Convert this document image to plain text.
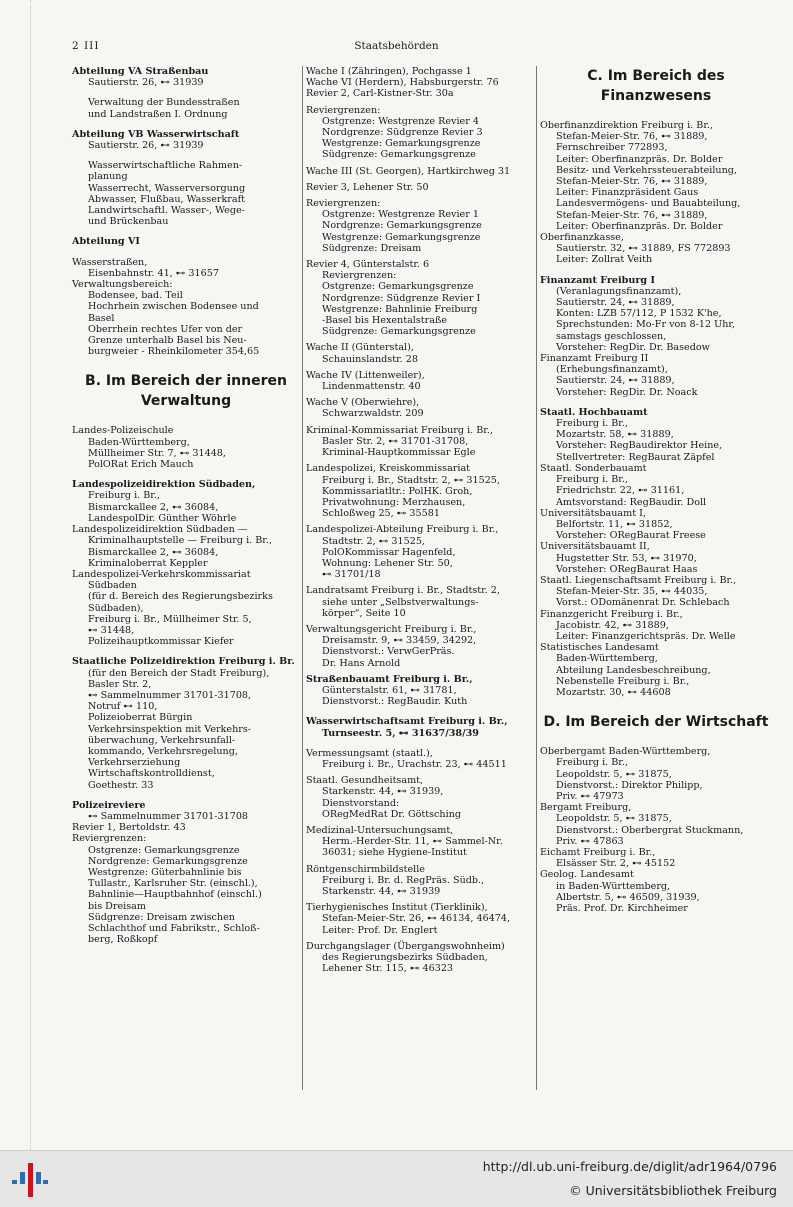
2 III	Staatsbehörden
Abteilung VA Straßenbau
Sautierstr. 26, ⊷ 31939
Verwaltung der Bundesstraßen
und Landstraßen I. Ordnung
Abteilung VB Wasserwirtschaft
Sautierstr. 26, ⊷ 31939
Wasserwirtschaftliche Rahmen-
planung
Wasserrecht, Wasserversorgung
Abwasser, Flußbau, Wasserkraft
Landwirtschaftl. Wasser-, Wege-
und Brückenbau
Abteilung VI
Wasserstraßen,
Eisenbahnstr. 41, ⊷ 31657
Verwaltungsbereich:
Bodensee, bad. Teil
Hochrhein zwischen Bodensee und
Basel
Oberrhein rechtes Ufer von der
Grenze unterhalb Basel bis Neu-
burgweier - Rheinkilometer 354,65
B. Im Bereich der inneren
Verwaltung
Landes-Polizeischule
Baden-Württemberg,
Müllheimer Str. 7, ⊷ 31448,
PolORat Erich Mauch
Landespolizeidirektion Südbaden,
Freiburg i. Br.,
Bismarckallee 2, ⊷ 36084,
LandespolDir. Günther Wöhrle
Landespolizeidirektion Südbaden —
Kriminalhauptstelle — Freiburg i. Br.,
Bismarckallee 2, ⊷ 36084,
Kriminaloberrat Keppler
Landespolizei-Verkehrskommissariat
Südbaden
(für d. Bereich des Regierungsbezirks
Südbaden),
Freiburg i. Br., Müllheimer Str. 5,
⊷ 31448,
Polizeihauptkommissar Kiefer
Staatliche Polizeidirektion Freiburg i. Br.
(für den Bereich der Stadt Freiburg),
Basler Str. 2,
⊷ Sammelnummer 31701-31708,
Notruf ⊷ 110,
Polizeioberrat Bürgin
Verkehrsinspektion mit Verkehrs-
überwachung, Verkehrsunfall-
kommando, Verkehrsregelung,
Verkehrserziehung
Wirtschaftskontrolldienst,
Goethestr. 33
Polizeireviere
⊷ Sammelnummer 31701-31708
Revier 1, Bertoldstr. 43
Reviergrenzen:
Ostgrenze: Gemarkungsgrenze
Nordgrenze: Gemarkungsgrenze
Westgrenze: Güterbahnlinie bis
Tullastr., Karlsruher Str. (einschl.),
Bahnlinie—Hauptbahnhof (einschl.)
bis Dreisam
Südgrenze: Dreisam zwischen
Schlachthof und Fabrikstr., Schloß-
berg, Roßkopf
Wache I (Zähringen), Pochgasse 1
Wache VI (Herdern), Habsburgerstr. 76
Revier 2, Carl-Kistner-Str. 30a
Reviergrenzen:
Ostgrenze: Westgrenze Revier 4
Nordgrenze: Südgrenze Revier 3
Westgrenze: Gemarkungsgrenze
Südgrenze: Gemarkungsgrenze
Wache III (St. Georgen), Hartkirchweg 31
Revier 3, Lehener Str. 50
Reviergrenzen:
Ostgrenze: Westgrenze Revier 1
Nordgrenze: Gemarkungsgrenze
Westgrenze: Gemarkungsgrenze
Südgrenze: Dreisam
Revier 4, Günterstalstr. 6
Reviergrenzen:
Ostgrenze: Gemarkungsgrenze
Nordgrenze: Südgrenze Revier I
Westgrenze: Bahnlinie Freiburg
-Basel bis Hexentalstraße
Südgrenze: Gemarkungsgrenze
Wache II (Günterstal),
Schauinslandstr. 28
Wache IV (Littenweiler),
Lindenmattenstr. 40
Wache V (Oberwiehre),
Schwarzwaldstr. 209
Kriminal-Kommissariat Freiburg i. Br.,
Basler Str. 2, ⊷ 31701-31708,
Kriminal-Hauptkommissar Egle
Landespolizei, Kreiskommissariat
Freiburg i. Br., Stadtstr. 2, ⊷ 31525,
Kommissariatltr.: PolHK. Groh,
Privatwohnung: Merzhausen,
Schloßweg 25, ⊷ 35581
Landespolizei-Abteilung Freiburg i. Br.,
Stadtstr. 2, ⊷ 31525,
PolOKommissar Hagenfeld,
Wohnung: Lehener Str. 50,
⊷ 31701/18
Landratsamt Freiburg i. Br., Stadtstr. 2,
siehe unter „Selbstverwaltungs-
körper“, Seite 10
Verwaltungsgericht Freiburg i. Br.,
Dreisamstr. 9, ⊷ 33459, 34292,
Dienstvorst.: VerwGerPräs.
Dr. Hans Arnold
Straßenbauamt Freiburg i. Br.,
Günterstalstr. 61, ⊷ 31781,
Dienstvorst.: RegBaudir. Kuth
Wasserwirtschaftsamt Freiburg i. Br.,
Turnseestr. 5, ⊷ 31637/38/39
Vermessungsamt (staatl.),
Freiburg i. Br., Urachstr. 23, ⊷ 44511
Staatl. Gesundheitsamt,
Starkenstr. 44, ⊷ 31939,
Dienstvorstand:
ORegMedRat Dr. Göttsching
Medizinal-Untersuchungsamt,
Herm.-Herder-Str. 11, ⊷ Sammel-Nr.
36031; siehe Hygiene-Institut
Röntgenschirmbildstelle
Freiburg i. Br. d. RegPräs. Südb.,
Starkenstr. 44, ⊷ 31939
Tierhygienisches Institut (Tierklinik),
Stefan-Meier-Str. 26, ⊷ 46134, 46474,
Leiter: Prof. Dr. Englert
Durchgangslager (Übergangswohnheim)
des Regierungsbezirks Südbaden,
Lehener Str. 115, ⊷ 46323
C. Im Bereich des
Finanzwesens
Oberfinanzdirektion Freiburg i. Br.,
Stefan-Meier-Str. 76, ⊷ 31889,
Fernschreiber 772893,
Leiter: Oberfinanzpräs. Dr. Bolder
Besitz- und Verkehrssteuerabteilung,
Stefan-Meier-Str. 76, ⊷ 31889,
Leiter: Finanzpräsident Gaus
Landesvermögens- und Bauabteilung,
Stefan-Meier-Str. 76, ⊷ 31889,
Leiter: Oberfinanzpräs. Dr. Bolder
Oberfinanzkasse,
Sautierstr. 32, ⊷ 31889, FS 772893
Leiter: Zollrat Veith
Finanzamt Freiburg I
(Veranlagungsfinanzamt),
Sautierstr. 24, ⊷ 31889,
Konten: LZB 57/112, P 1532 K'he,
Sprechstunden: Mo-Fr von 8-12 Uhr,
samstags geschlossen,
Vorsteher: RegDir. Dr. Basedow
Finanzamt Freiburg II
(Erhebungsfinanzamt),
Sautierstr. 24, ⊷ 31889,
Vorsteher: RegDir. Dr. Noack
Staatl. Hochbauamt
Freiburg i. Br.,
Mozartstr. 58, ⊷ 31889,
Vorsteher: RegBaudirektor Heine,
Stellvertreter: RegBaurat Zäpfel
Staatl. Sonderbauamt
Freiburg i. Br.,
Friedrichstr. 22, ⊷ 31161,
Amtsvorstand: RegBaudir. Doll
Universitätsbauamt I,
Belfortstr. 11, ⊷ 31852,
Vorsteher: ORegBaurat Freese
Universitätsbauamt II,
Hugstetter Str. 53, ⊷ 31970,
Vorsteher: ORegBaurat Haas
Staatl. Liegenschaftsamt Freiburg i. Br.,
Stefan-Meier-Str. 35, ⊷ 44035,
Vorst.: ODomänenrat Dr. Schlebach
Finanzgericht Freiburg i. Br.,
Jacobistr. 42, ⊷ 31889,
Leiter: Finanzgerichtspräs. Dr. Welle
Statistisches Landesamt
Baden-Württemberg,
Abteilung Landesbeschreibung,
Nebenstelle Freiburg i. Br.,
Mozartstr. 30, ⊷ 44608
D. Im Bereich der Wirtschaft
Oberbergamt Baden-Württemberg,
Freiburg i. Br.,
Leopoldstr. 5, ⊷ 31875,
Dienstvorst.: Direktor Philipp,
Priv. ⊷ 47973
Bergamt Freiburg,
Leopoldstr. 5, ⊷ 31875,
Dienstvorst.: Oberbergrat Stuckmann,
Priv. ⊷ 47863
Eichamt Freiburg i. Br.,
Elsässer Str. 2, ⊷ 45152
Geolog. Landesamt
in Baden-Württemberg,
Albertstr. 5, ⊷ 46509, 31939,
Präs. Prof. Dr. Kirchheimer
http://dl.ub.uni-freiburg.de/diglit/adr1964/0796
© Universitätsbibliothek Freiburg
